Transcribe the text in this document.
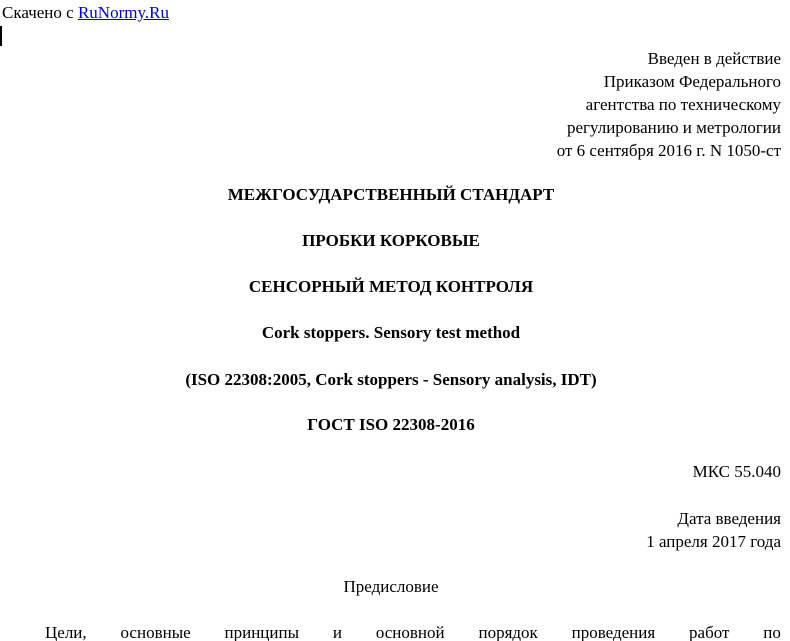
Скачено с RuNormy.Ru
Введен в действие
Приказом Федерального
агентства по техническому
регулированию и метрологии
от 6 сентября 2016 г. N 1050-ст
МЕЖГОСУДАРСТВЕННЫЙ СТАНДАРТ
ПРОБКИ КОРКОВЫЕ
СЕНСОРНЫЙ МЕТОД КОНТРОЛЯ
Cork stoppers. Sensory test method
(ISO 22308:2005, Cork stoppers - Sensory analysis, IDT)
ГОСТ ISO 22308-2016
МКС 55.040
Дата введения
1 апреля 2017 года
Предисловие
Цели, основные принципы и основной порядок проведения работ по
